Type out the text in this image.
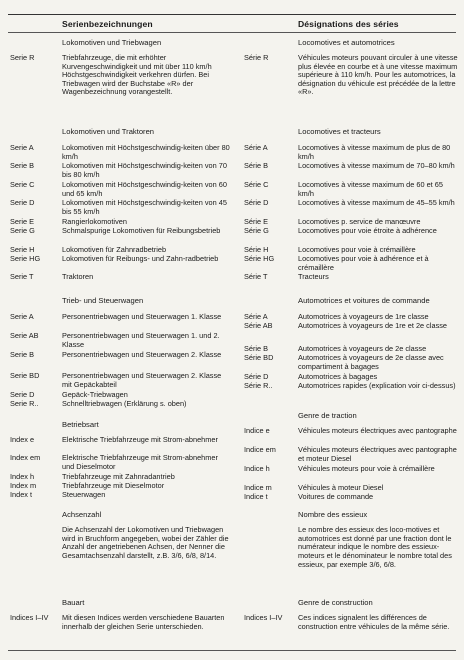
Serienbezeichnungen
Lokomotiven und Triebwagen
Serie R	Triebfahrzeuge, die mit erhöhter Kurvengeschwindigkeit und mit über 110 km/h Höchstgeschwindigkeit verkehren dürfen. Bei Triebwagen wird der Buchstabe «R» der Wagenbezeichnung vorangestellt.
Lokomotiven und Traktoren
Serie A	Lokomotiven mit Höchstgeschwindig-keiten über 80 km/h
Serie B	Lokomotiven mit Höchstgeschwindig-keiten von 70 bis 80 km/h
Serie C	Lokomotiven mit Höchstgeschwindig-keiten von 60 und 65 km/h
Serie D	Lokomotiven mit Höchstgeschwindig-keiten von 45 bis 55 km/h
Serie E	Rangierlokomotiven
Serie G	Schmalspurige Lokomotiven für Reibungsbetrieb
Serie H	Lokomotiven für Zahnradbetrieb
Serie HG	Lokomotiven für Reibungs- und Zahn-radbetrieb
Serie T	Traktoren
Trieb- und Steuerwagen
Serie A	Personentriebwagen und Steuerwagen 1. Klasse
Serie AB	Personentriebwagen und Steuerwagen 1. und 2. Klasse
Serie B	Personentriebwagen und Steuerwagen 2. Klasse
Serie BD	Personentriebwagen und Steuerwagen 2. Klasse mit Gepäckabteil
Serie D	Gepäck-Triebwagen
Serie R..	Schnelltriebwagen (Erklärung s. oben)
Betriebsart
Index e	Elektrische Triebfahrzeuge mit Strom-abnehmer
Index em	Elektrische Triebfahrzeuge mit Strom-abnehmer und Dieselmotor
Index h	Triebfahrzeuge mit Zahnradantrieb
Index m	Triebfahrzeuge mit Dieselmotor
Index t	Steuerwagen
Achsenzahl
Die Achsenzahl der Lokomotiven und Triebwagen wird in Bruchform angegeben, wobei der Zähler die Anzahl der angetriebenen Achsen, der Nenner die Gesamtachsenzahl darstellt, z.B. 3/6, 6/8, 8/14.
Bauart
Indices I–IV	Mit diesen Indices werden verschiedene Bauarten innerhalb der gleichen Serie unterschieden.
Désignations des séries
Locomotives et automotrices
Série R	Véhicules moteurs pouvant circuler à une vitesse plus élevée en courbe et à une vitesse maximum supérieure à 110 km/h. Pour les automotrices, la désignation du véhicule est précédée de la lettre «R».
Locomotives et tracteurs
Série A	Locomotives à vitesse maximum de plus de 80 km/h
Série B	Locomotives à vitesse maximum de 70–80 km/h
Série C	Locomotives à vitesse maximum de 60 et 65 km/h
Série D	Locomotives à vitesse maximum de 45–55 km/h
Série E	Locomotives p. service de manœuvre
Série G	Locomotives pour voie étroite à adhérence
Série H	Locomotives pour voie à crémaillère
Série HG	Locomotives pour voie à adhérence et à crémaillère
Série T	Tracteurs
Automotrices et voitures de commande
Série A	Automotrices à voyageurs de 1re classe
Série AB	Automotrices à voyageurs de 1re et 2e classe
Série B	Automotrices à voyageurs de 2e classe
Série BD	Automotrices à voyageurs de 2e classe avec compartiment à bagages
Série D	Automotrices à bagages
Série R..	Automotrices rapides (explication voir ci-dessus)
Genre de traction
Indice e	Véhicules moteurs électriques avec pantographe
Indice em	Véhicules moteurs électriques avec pantographe et moteur Diesel
Indice h	Véhicules moteurs pour voie à crémaillère
Indice m	Véhicules à moteur Diesel
Indice t	Voitures de commande
Nombre des essieux
Le nombre des essieux des loco-motives et automotrices est donné par une fraction dont le numérateur indique le nombre des essieux-moteurs et le dénominateur le nombre total des essieux, par exemple 3/6, 6/8.
Genre de construction
Indices I–IV	Ces indices signalent les différences de construction entre véhicules de la même série.
